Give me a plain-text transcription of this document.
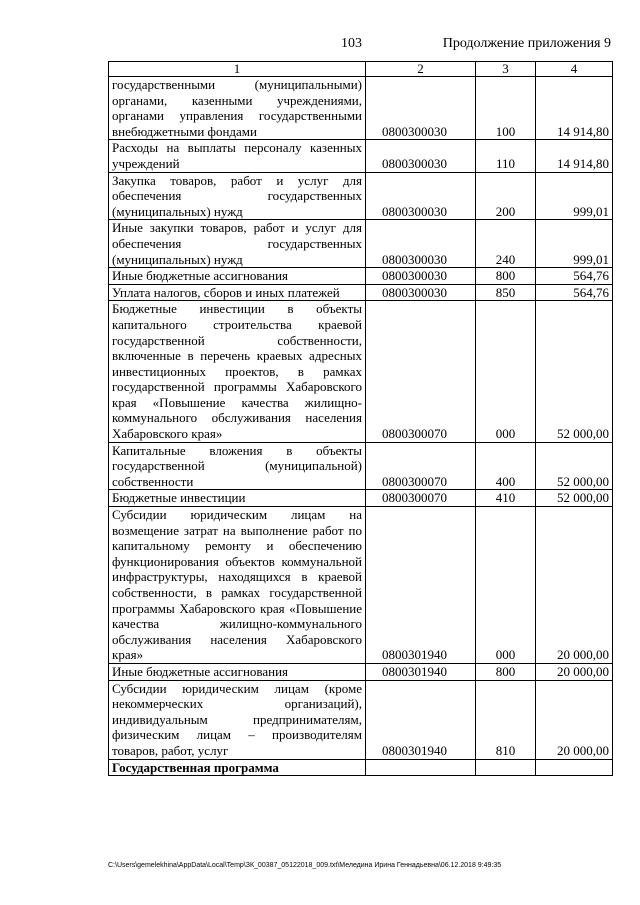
103	Продолжение приложения 9
1	2	3	4
государственными (муниципальными) органами, казенными учреждениями, органами управления государственными внебюджетными фондами	0800300030	100	14 914,80
Расходы на выплаты персоналу казенных учреждений	0800300030	110	14 914,80
Закупка товаров, работ и услуг для обеспечения государственных (муниципальных) нужд	0800300030	200	999,01
Иные закупки товаров, работ и услуг для обеспечения государственных (муниципальных) нужд	0800300030	240	999,01
Иные бюджетные ассигнования	0800300030	800	564,76
Уплата налогов, сборов и иных платежей	0800300030	850	564,76
Бюджетные инвестиции в объекты капитального строительства краевой государственной собственности, включенные в перечень краевых адресных инвестиционных проектов, в рамках государственной программы Хабаровского края «Повышение качества жилищно-коммунального обслуживания населения Хабаровского края»	0800300070	000	52 000,00
Капитальные вложения в объекты государственной (муниципальной) собственности	0800300070	400	52 000,00
Бюджетные инвестиции	0800300070	410	52 000,00
Субсидии юридическим лицам на возмещение затрат на выполнение работ по капитальному ремонту и обеспечению функционирования объектов коммунальной инфраструктуры, находящихся в краевой собственности, в рамках государственной программы Хабаровского края «Повышение качества жилищно-коммунального обслуживания населения Хабаровского края»	0800301940	000	20 000,00
Иные бюджетные ассигнования	0800301940	800	20 000,00
Субсидии юридическим лицам (кроме некоммерческих организаций), индивидуальным предпринимателям, физическим лицам – производителям товаров, работ, услуг	0800301940	810	20 000,00
Государственная программа			
C:\Users\gemelekhina\AppData\Local\Temp\ЗК_00387_05122018_009.txt\Меледина Ирина Геннадьевна\06.12.2018 9:49:35
